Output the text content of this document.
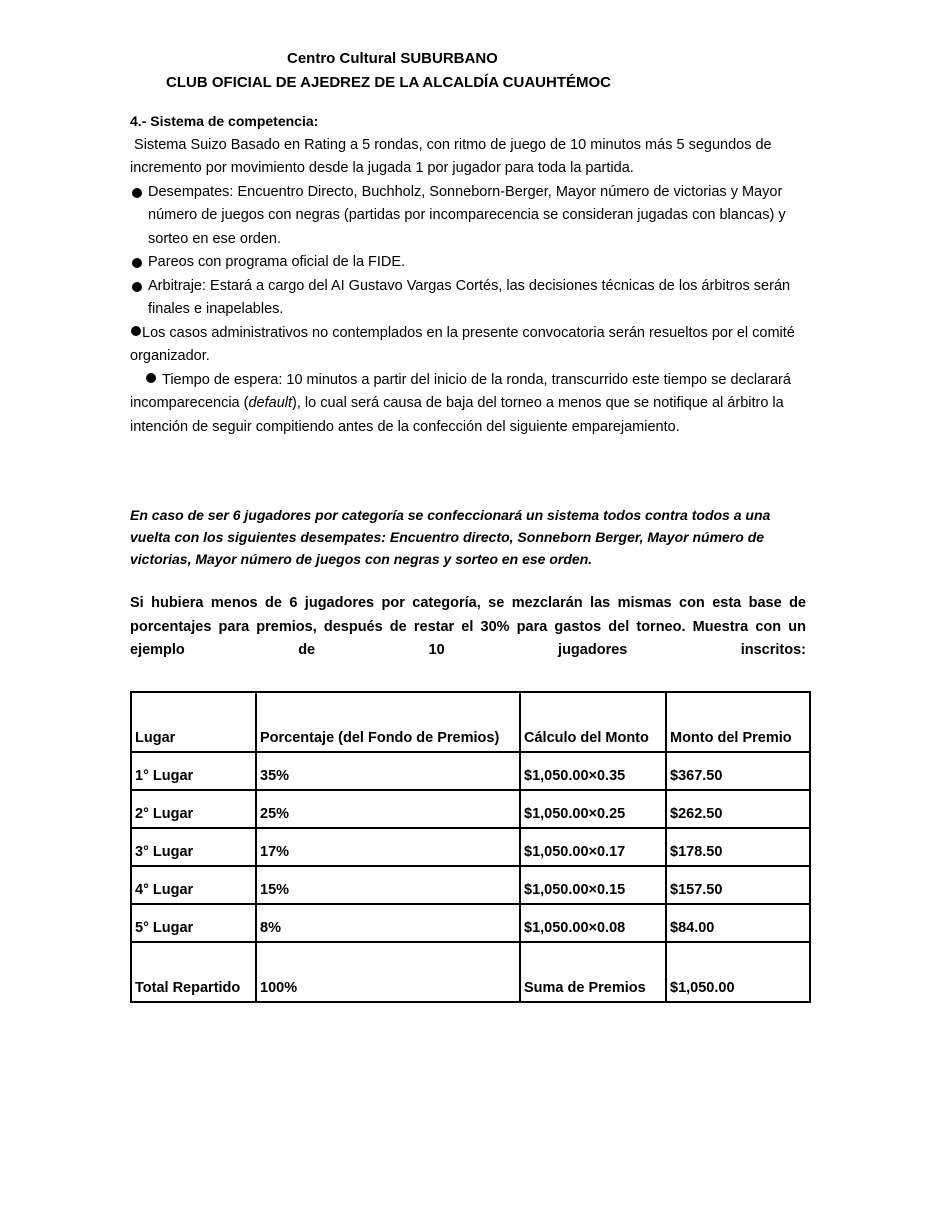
Centro Cultural SUBURBANO
CLUB OFICIAL DE AJEDREZ DE LA ALCALDÍA CUAUHTÉMOC

4.- Sistema de competencia:

Sistema Suizo Basado en Rating a 5 rondas, con ritmo de juego de 10 minutos más 5 segundos de incremento por movimiento desde la jugada 1 por jugador para toda la partida.

Desempates: Encuentro Directo, Buchholz, Sonneborn-Berger, Mayor número de victorias y Mayor número de juegos con negras (partidas por incomparecencia se consideran jugadas con blancas) y sorteo en ese orden.

Pareos con programa oficial de la FIDE.

Arbitraje: Estará a cargo del AI Gustavo Vargas Cortés, las decisiones técnicas de los árbitros serán finales e inapelables.

Los casos administrativos no contemplados en la presente convocatoria serán resueltos por el comité organizador.

Tiempo de espera: 10 minutos a partir del inicio de la ronda, transcurrido este tiempo se declarará incomparecencia (default), lo cual será causa de baja del torneo a menos que se notifique al árbitro la intención de seguir compitiendo antes de la confección del siguiente emparejamiento.

En caso de ser 6 jugadores por categoría se confeccionará un sistema todos contra todos a una vuelta con los siguientes desempates: Encuentro directo, Sonneborn Berger, Mayor número de victorias, Mayor número de juegos con negras y sorteo en ese orden.

Si hubiera menos de 6 jugadores por categoría, se mezclarán las mismas con esta base de porcentajes para premios, después de restar el 30% para gastos del torneo. Muestra con un ejemplo de 10 jugadores inscritos:

Lugar	Porcentaje (del Fondo de Premios)	Cálculo del Monto	Monto del Premio
1° Lugar	35%	$1,050.00×0.35	$367.50
2° Lugar	25%	$1,050.00×0.25	$262.50
3° Lugar	17%	$1,050.00×0.17	$178.50
4° Lugar	15%	$1,050.00×0.15	$157.50
5° Lugar	8%	$1,050.00×0.08	$84.00
Total Repartido	100%	Suma de Premios	$1,050.00
